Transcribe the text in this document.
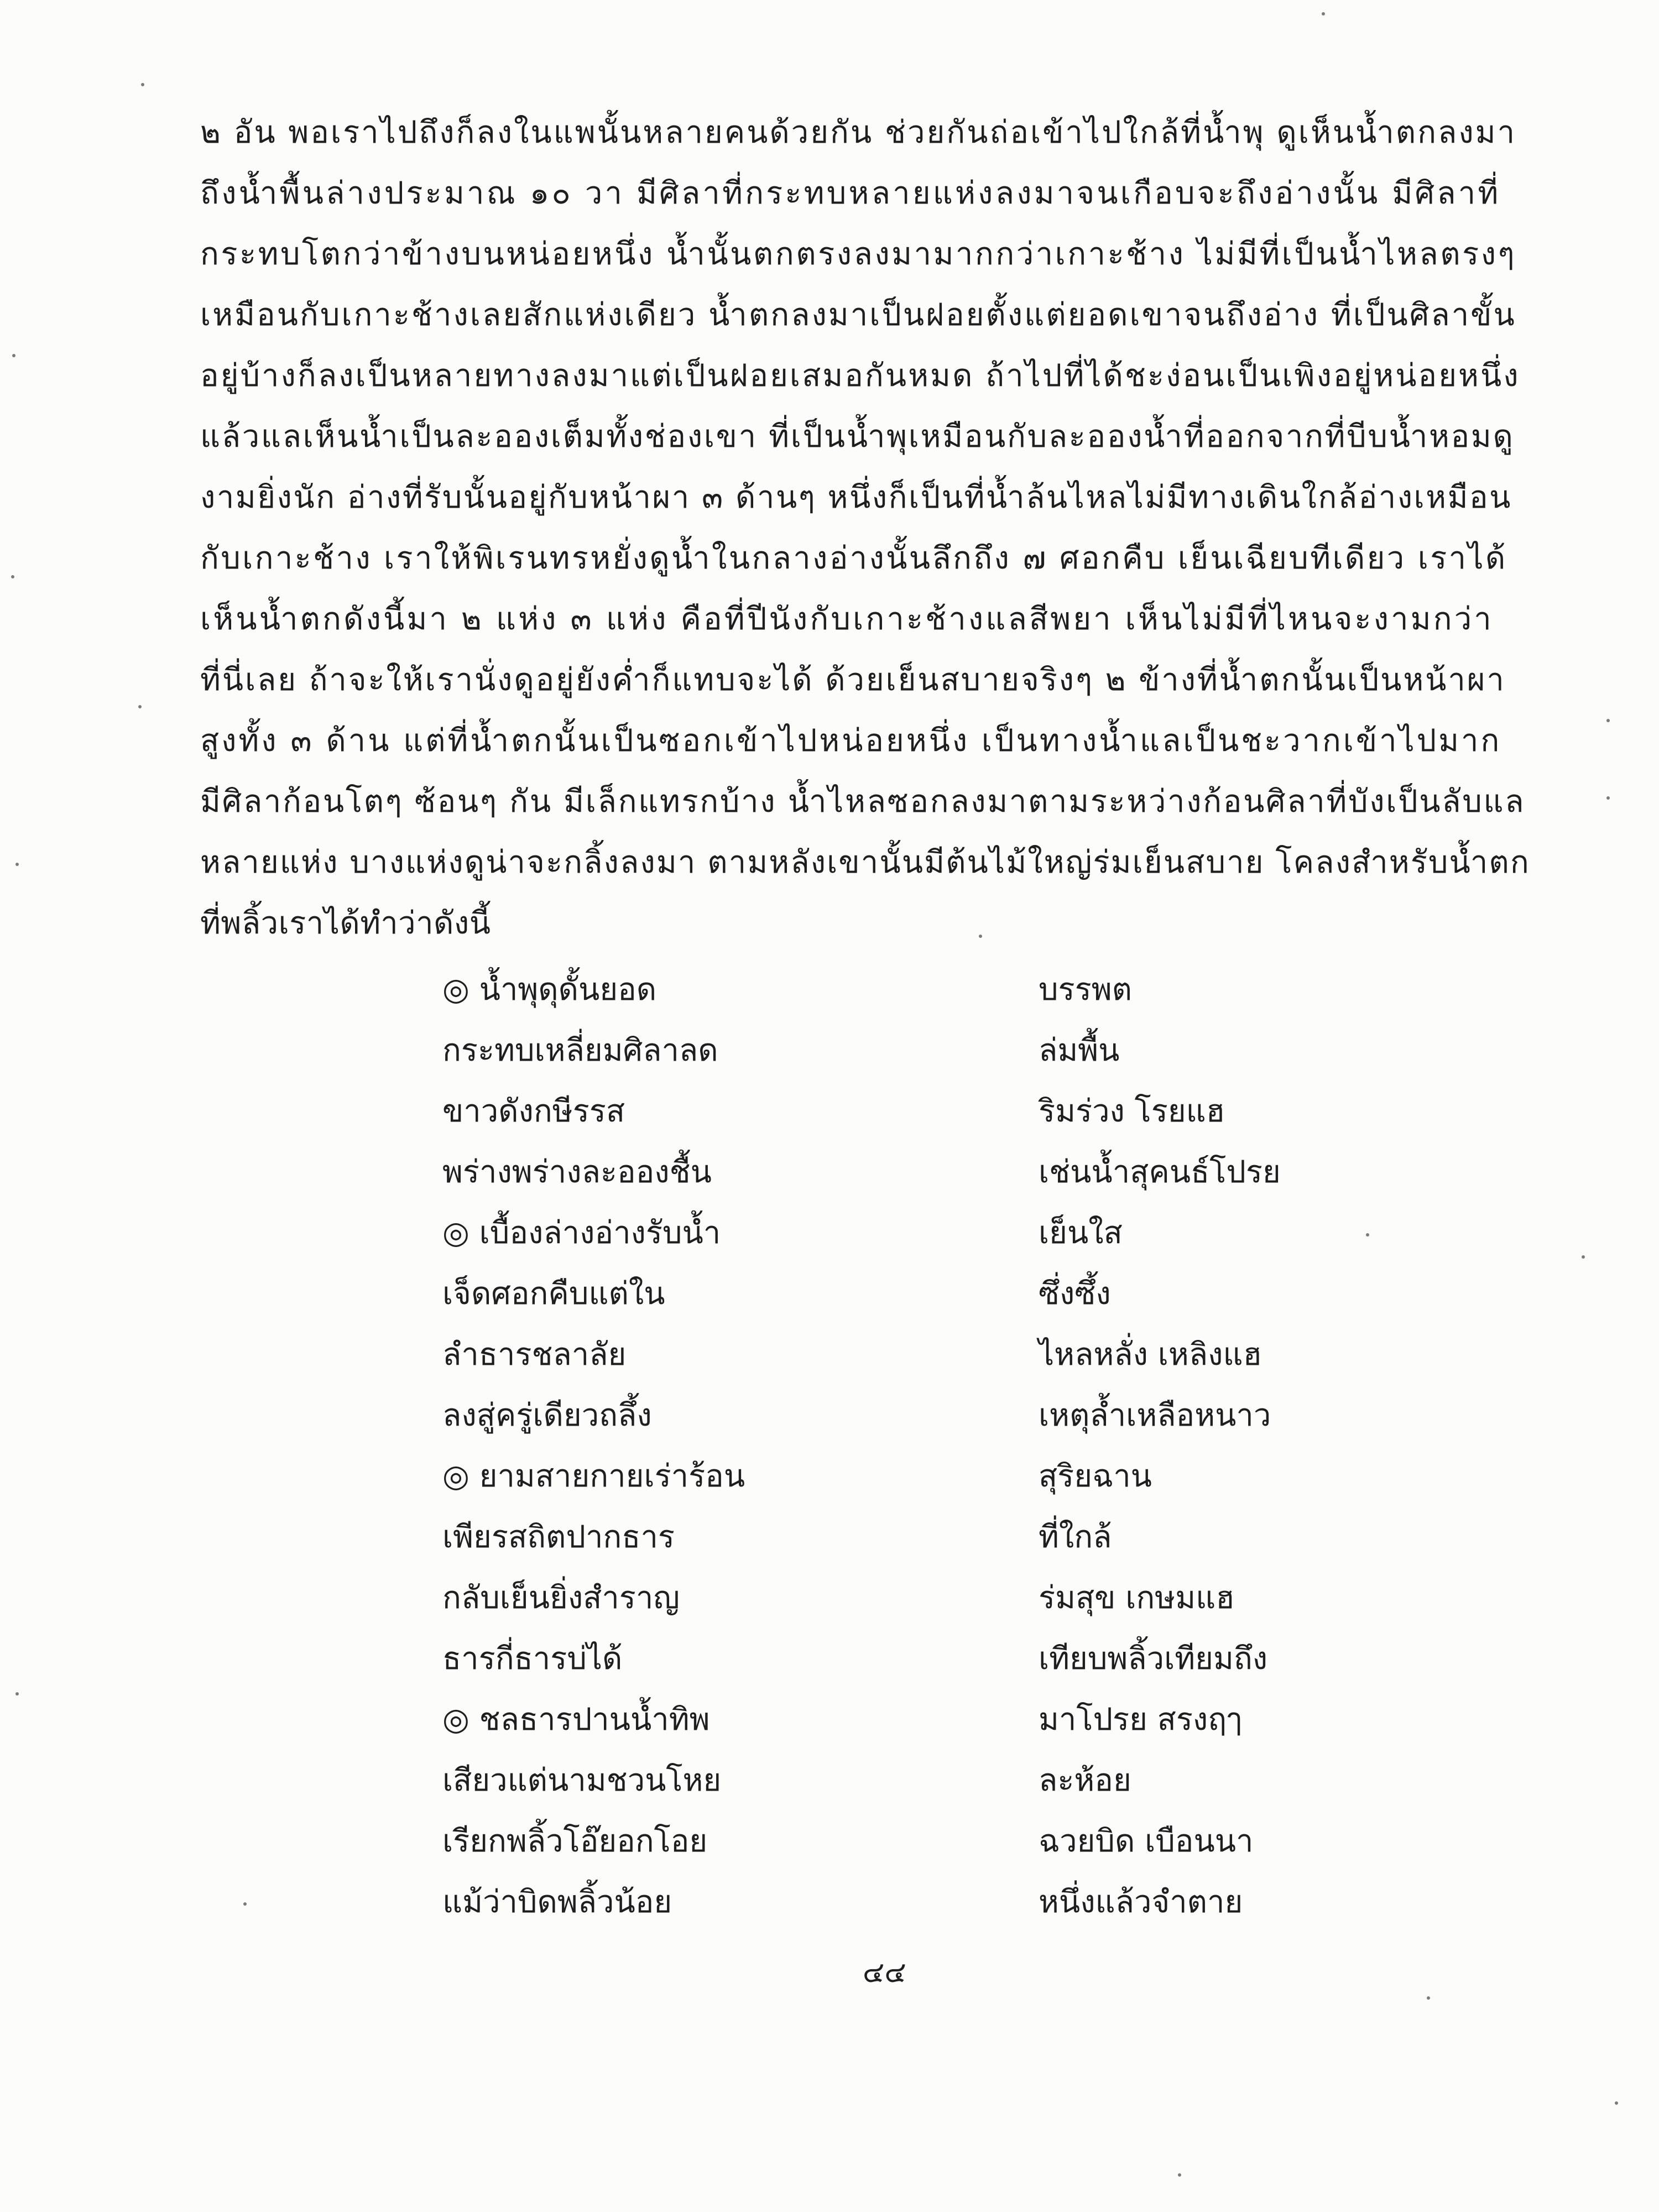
๒ อัน พอเราไปถึงก็ลงในแพนั้นหลายคนด้วยกัน ช่วยกันถ่อเข้าไปใกล้ที่น้ำพุ ดูเห็นน้ำตกลงมา
ถึงน้ำพื้นล่างประมาณ ๑๐ วา มีศิลาที่กระทบหลายแห่งลงมาจนเกือบจะถึงอ่างนั้น มีศิลาที่
กระทบโตกว่าข้างบนหน่อยหนึ่ง น้ำนั้นตกตรงลงมามากกว่าเกาะช้าง ไม่มีที่เป็นน้ำไหลตรงๆ
เหมือนกับเกาะช้างเลยสักแห่งเดียว น้ำตกลงมาเป็นฝอยตั้งแต่ยอดเขาจนถึงอ่าง ที่เป็นศิลาขั้น
อยู่บ้างก็ลงเป็นหลายทางลงมาแต่เป็นฝอยเสมอกันหมด ถ้าไปที่ได้ชะง่อนเป็นเพิงอยู่หน่อยหนึ่ง
แล้วแลเห็นน้ำเป็นละอองเต็มทั้งช่องเขา ที่เป็นน้ำพุเหมือนกับละอองน้ำที่ออกจากที่บีบน้ำหอมดู
งามยิ่งนัก อ่างที่รับนั้นอยู่กับหน้าผา ๓ ด้านๆ หนึ่งก็เป็นที่น้ำล้นไหลไม่มีทางเดินใกล้อ่างเหมือน
กับเกาะช้าง เราให้พิเรนทรหยั่งดูน้ำในกลางอ่างนั้นลึกถึง ๗ ศอกคืบ เย็นเฉียบทีเดียว เราได้
เห็นน้ำตกดังนี้มา ๒ แห่ง ๓ แห่ง คือที่ปีนังกับเกาะช้างแลสีพยา เห็นไม่มีที่ไหนจะงามกว่า
ที่นี่เลย ถ้าจะให้เรานั่งดูอยู่ยังค่ำก็แทบจะได้ ด้วยเย็นสบายจริงๆ ๒ ข้างที่น้ำตกนั้นเป็นหน้าผา
สูงทั้ง ๓ ด้าน แต่ที่น้ำตกนั้นเป็นซอกเข้าไปหน่อยหนึ่ง เป็นทางน้ำแลเป็นชะวากเข้าไปมาก
มีศิลาก้อนโตๆ ซ้อนๆ กัน มีเล็กแทรกบ้าง น้ำไหลซอกลงมาตามระหว่างก้อนศิลาที่บังเป็นลับแล
หลายแห่ง บางแห่งดูน่าจะกลิ้งลงมา ตามหลังเขานั้นมีต้นไม้ใหญ่ร่มเย็นสบาย โคลงสำหรับน้ำตก
ที่พลิ้วเราได้ทำว่าดังนี้
◎ น้ำพุดุดั้นยอด	บรรพต
กระทบเหลี่ยมศิลาลด	ล่มพื้น
ขาวดังกษีรรส	ริมร่วง โรยแฮ
พร่างพร่างละอองชื้น	เช่นน้ำสุคนธ์โปรย
◎ เบื้องล่างอ่างรับน้ำ	เย็นใส
เจ็ดศอกคืบแต่ใน	ซึ่งซึ้ง
ลำธารชลาลัย	ไหลหลั่ง เหลิงแฮ
ลงสู่ครู่เดียวถลึ้ง	เหตุล้ำเหลือหนาว
◎ ยามสายกายเร่าร้อน	สุริยฉาน
เพียรสถิตปากธาร	ที่ใกล้
กลับเย็นยิ่งสำราญ	ร่มสุข เกษมแฮ
ธารกี่ธารบ่ได้	เทียบพลิ้วเทียมถึง
◎ ชลธารปานน้ำทิพ	มาโปรย สรงฤๅ
เสียวแต่นามชวนโหย	ละห้อย
เรียกพลิ้วโอ๊ยอกโอย	ฉวยบิด เบือนนา
แม้ว่าบิดพลิ้วน้อย	หนึ่งแล้วจำตาย
๔๔
